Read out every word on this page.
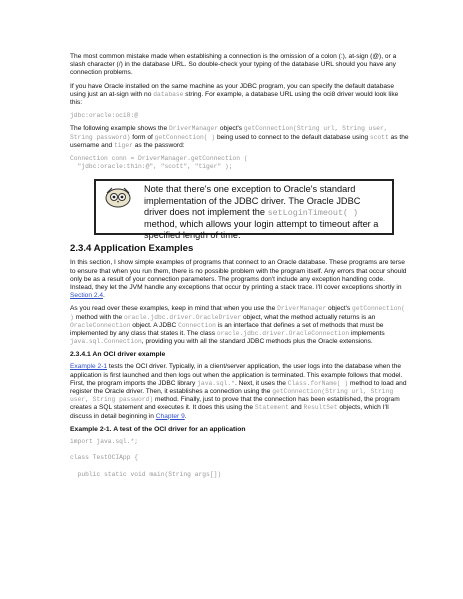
The most common mistake made when establishing a connection is the omission of a colon (:), at-sign (@), or a slash character (/) in the database URL. So double-check your typing of the database URL should you have any connection problems.

If you have Oracle installed on the same machine as your JDBC program, you can specify the default database using just an at-sign with no database string. For example, a database URL using the oci8 driver would look like this:

jdbc:oracle:oci8:@

The following example shows the DriverManager object's getConnection(String url, String user, String password) form of getConnection( ) being used to connect to the default database using scott as the username and tiger as the password:

Connection conn = DriverManager.getConnection (
"jdbc:oracle:thin:@", "scott", "tiger" );
Note that there's one exception to Oracle's standard implementation of the JDBC driver. The Oracle JDBC driver does not implement the setLoginTimeout( ) method, which allows your login attempt to timeout after a specified length of time.
2.3.4 Application Examples

In this section, I show simple examples of programs that connect to an Oracle database. These programs are terse to ensure that when you run them, there is no possible problem with the program itself. Any errors that occur should only be as a result of your connection parameters. The programs don't include any exception handling code. Instead, they let the JVM handle any exceptions that occur by printing a stack trace. I'll cover exceptions shortly in Section 2.4.

As you read over these examples, keep in mind that when you use the DriverManager object's getConnection( ) method with the oracle.jdbc.driver.OracleDriver object, what the method actually returns is an OracleConnection object. A JDBC Connection is an interface that defines a set of methods that must be implemented by any class that states it. The class oracle.jdbc.driver.OracleConnection implements java.sql.Connection, providing you with all the standard JDBC methods plus the Oracle extensions.

2.3.4.1 An OCI driver example

Example 2-1 tests the OCI driver. Typically, in a client/server application, the user logs into the database when the application is first launched and then logs out when the application is terminated. This example follows that model. First, the program imports the JDBC library java.sql.*. Next, it uses the Class.forName( ) method to load and register the Oracle driver. Then, it establishes a connection using the getConnection(String url, String user, String password) method. Finally, just to prove that the connection has been established, the program creates a SQL statement and executes it. It does this using the Statement and ResultSet objects, which I'll discuss in detail beginning in Chapter 9.

Example 2-1. A test of the OCI driver for an application
import java.sql.*;

class TestOCIApp {

public static void main(String args[])
